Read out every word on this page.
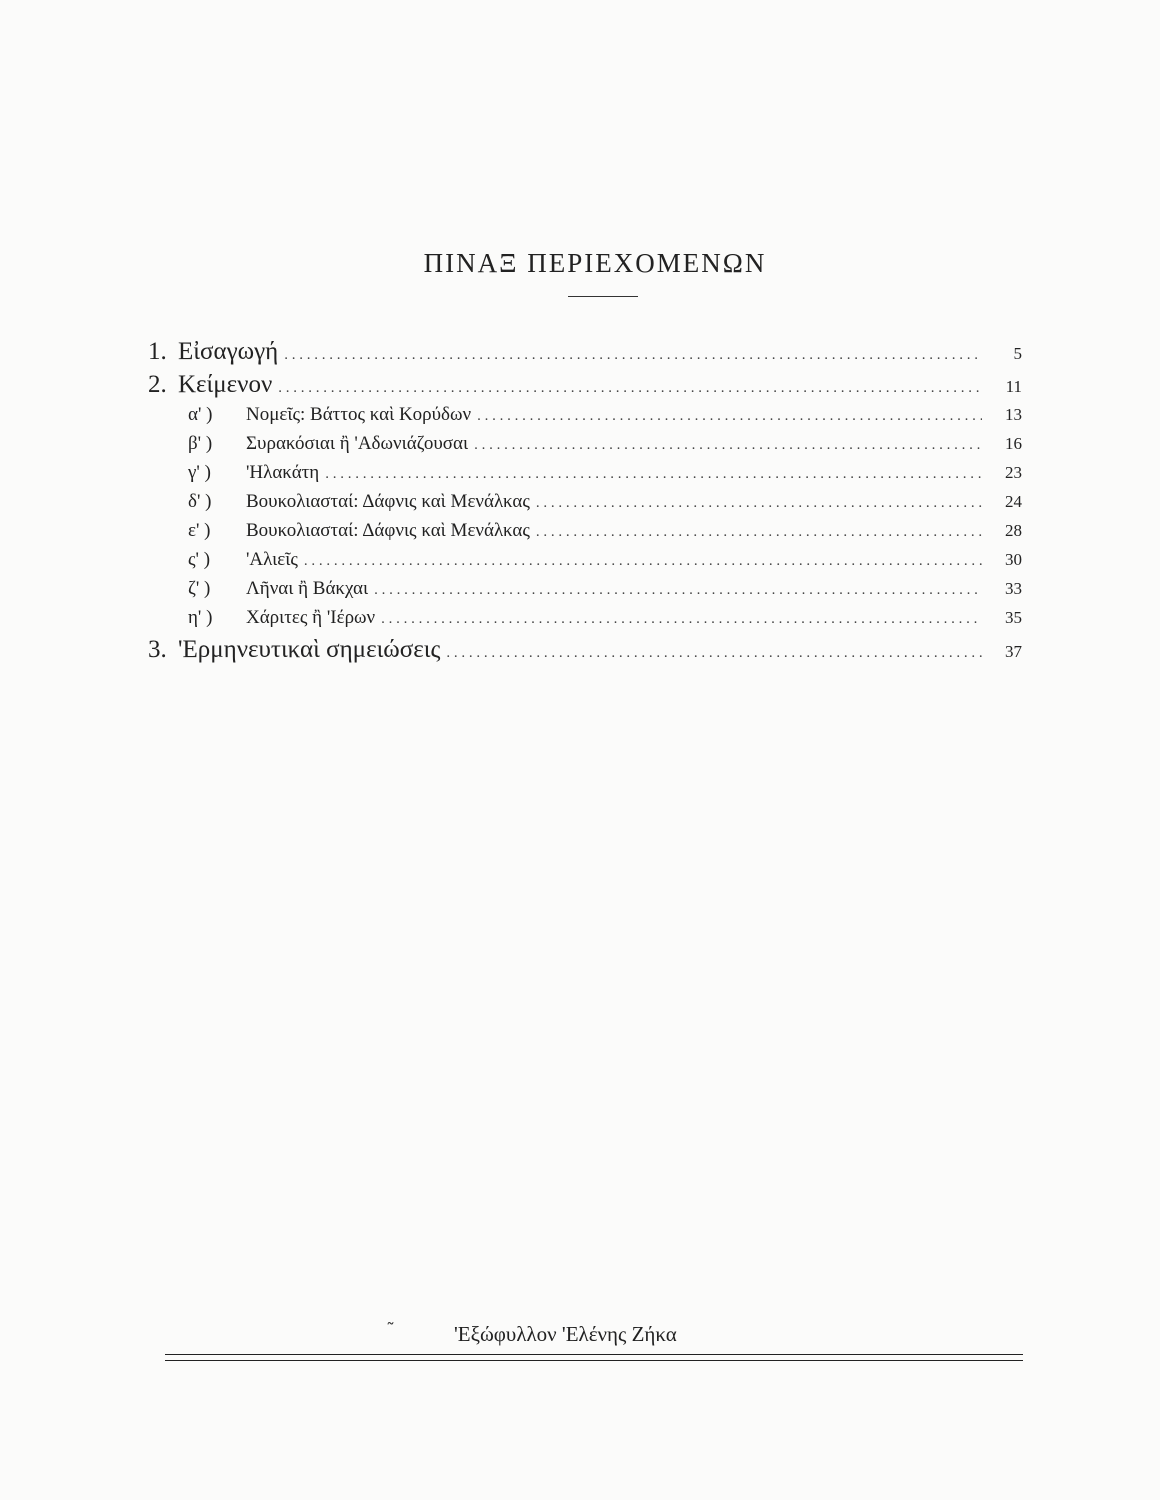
ΠΙΝΑΞ ΠΕΡΙΕΧΟΜΕΝΩΝ
1. Εἰσαγωγή . . .	5
2. Κείμενον . . .	11
α' )	Νομεῖς: Βάττος καὶ Κορύδων . . .	13
β' )	Συρακόσιαι ἢ 'Αδωνιάζουσαι . . .	16
γ' )	'Ηλακάτη . . .	23
δ' )	Βουκολιασταί: Δάφνις καὶ Μενάλκας . . .	24
ε' )	Βουκολιασταί: Δάφνις καὶ Μενάλκας . . .	28
ς' )	'Αλιεῖς . . .	30
ζ' )	Λῆναι ἢ Βάκχαι . . .	33
η' )	Χάριτες ἢ 'Ιέρων . . .	35
3. 'Ερμηνευτικαὶ σημειώσεις . . .	37
˜	'Εξώφυλλον 'Ελένης Ζήκα
